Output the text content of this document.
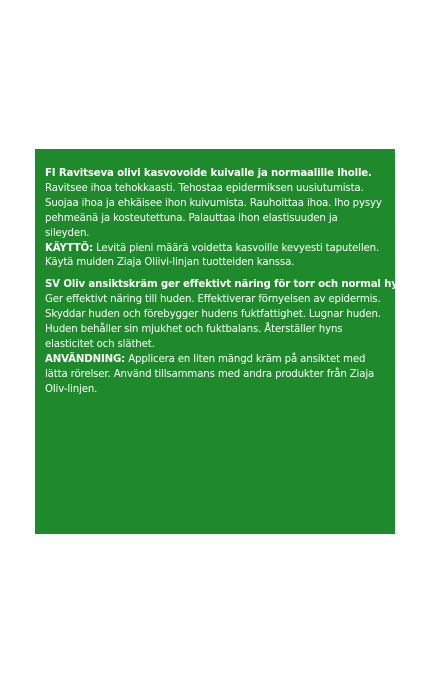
FI Ravitseva olivi kasvovoide kuivalle ja normaalille iholle.
Ravitsee ihoa tehokkaasti. Tehostaa epidermiksen uusiutumista.
Suojaa ihoa ja ehkäisee ihon kuivumista. Rauhoittaa ihoa. Iho pysyy
pehmeänä ja kosteutettuna. Palauttaa ihon elastisuuden ja
sileyden.
KÄYTTÖ: Levitä pieni määrä voidetta kasvoille kevyesti taputellen.
Käytä muiden Ziaja Oliivi-linjan tuotteiden kanssa.
SV Oliv ansiktskräm ger effektivt näring för torr och normal hy.
Ger effektivt näring till huden. Effektiverar förnyelsen av epidermis.
Skyddar huden och förebygger hudens fuktfattighet. Lugnar huden.
Huden behåller sin mjukhet och fuktbalans. Återställer hyns
elasticitet och släthet.
ANVÄNDNING: Applicera en liten mängd kräm på ansiktet med
lätta rörelser. Använd tillsammans med andra produkter från Ziaja
Oliv-linjen.
